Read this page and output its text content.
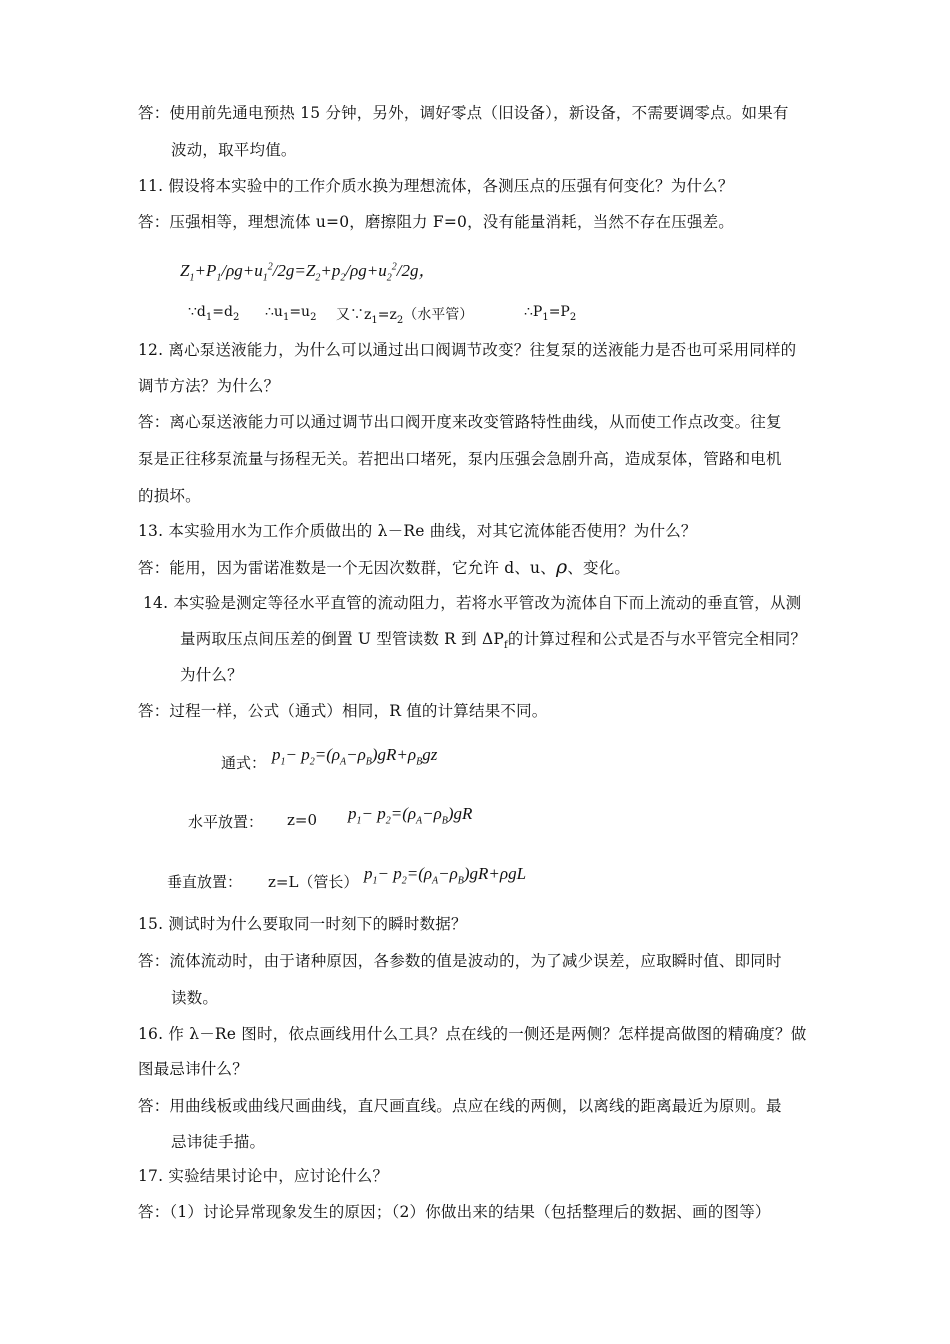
答：使用前先通电预热 15 分钟，另外，调好零点（旧设备），新设备，不需要调零点。如果有
波动，取平均值。
11. 假设将本实验中的工作介质水换为理想流体，各测压点的压强有何变化？为什么？
答：压强相等，理想流体 u=0，磨擦阻力 F=0，没有能量消耗，当然不存在压强差。
$Z_1+P_1/\rho g+u_1^2/2g=Z_2+p_2/\rho g+u_2^2/2g$，
$\because d_1=d_2$ $\therefore u_1=u_2$ 又$\because z_1=z_2$（水平管）	$\therefore P_1=P_2$
12. 离心泵送液能力，为什么可以通过出口阀调节改变？往复泵的送液能力是否也可采用同样的
调节方法？为什么？
答：离心泵送液能力可以通过调节出口阀开度来改变管路特性曲线，从而使工作点改变。往复
泵是正往移泵流量与扬程无关。若把出口堵死，泵内压强会急剧升高，造成泵体，管路和电机
的损坏。
13. 本实验用水为工作介质做出的 λ－Re 曲线，对其它流体能否使用？为什么？
答：能用，因为雷诺准数是一个无因次数群，它允许 d、u、ρ、变化。
14. 本实验是测定等径水平直管的流动阻力，若将水平管改为流体自下而上流动的垂直管，从测
量两取压点间压差的倒置 U 型管读数 R 到 $\Delta P_f$的计算过程和公式是否与水平管完全相同？
为什么？
答：过程一样，公式（通式）相同，R 值的计算结果不同。
通式： $p_1- p_2=(\rho_A-\rho_B)gR+\rho_Bgz$
水平放置： z=0 $p_1- p_2=(\rho_A-\rho_B)gR$
垂直放置： z=L（管长） $p_1- p_2=(\rho_A-\rho_B)gR+\rho gL$
15. 测试时为什么要取同一时刻下的瞬时数据？
答：流体流动时，由于诸种原因，各参数的值是波动的，为了减少误差，应取瞬时值、即同时
读数。
16. 作 λ－Re 图时，依点画线用什么工具？点在线的一侧还是两侧？怎样提高做图的精确度？做
图最忌讳什么？
答：用曲线板或曲线尺画曲线，直尺画直线。点应在线的两侧，以离线的距离最近为原则。最
忌讳徒手描。
17. 实验结果讨论中，应讨论什么？
答：（1）讨论异常现象发生的原因；（2）你做出来的结果（包括整理后的数据、画的图等）
